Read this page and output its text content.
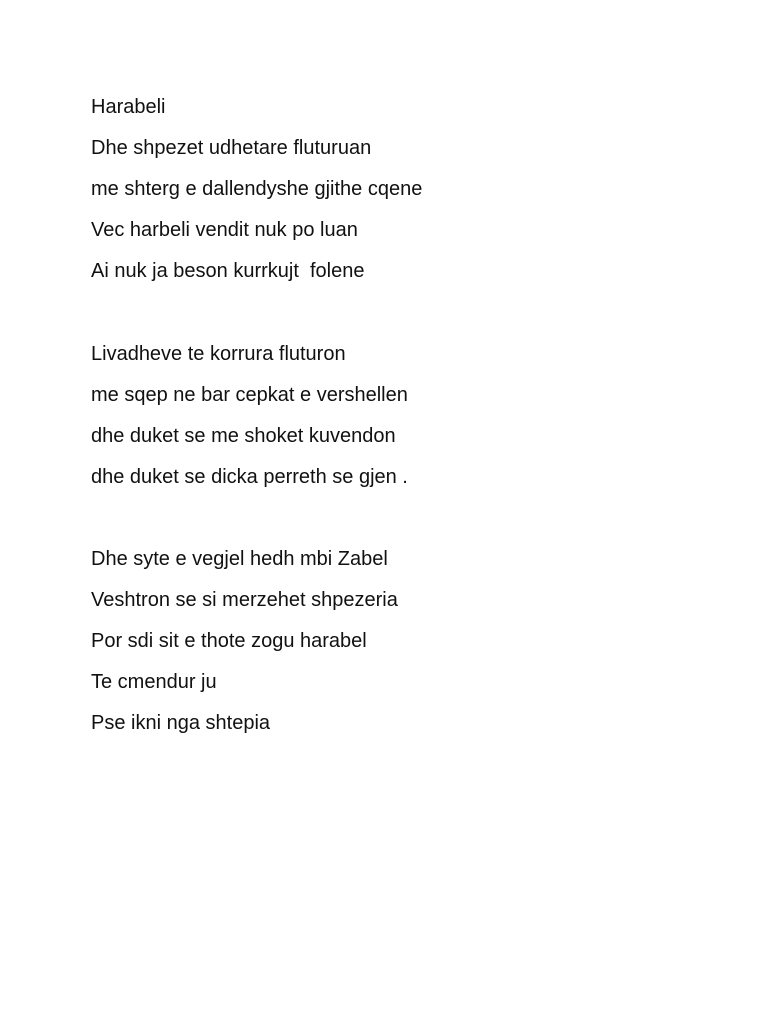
Harabeli
Dhe shpezet udhetare fluturuan
me shterg e dallendyshe gjithe cqene
Vec harbeli vendit nuk po luan
Ai nuk ja beson kurrkujt  folene
Livadheve te korrura fluturon
me sqep ne bar cepkat e vershellen
dhe duket se me shoket kuvendon
dhe duket se dicka perreth se gjen .
Dhe syte e vegjel hedh mbi Zabel
Veshtron se si merzehet shpezeria
Por sdi sit e thote zogu harabel
Te cmendur ju
Pse ikni nga shtepia
